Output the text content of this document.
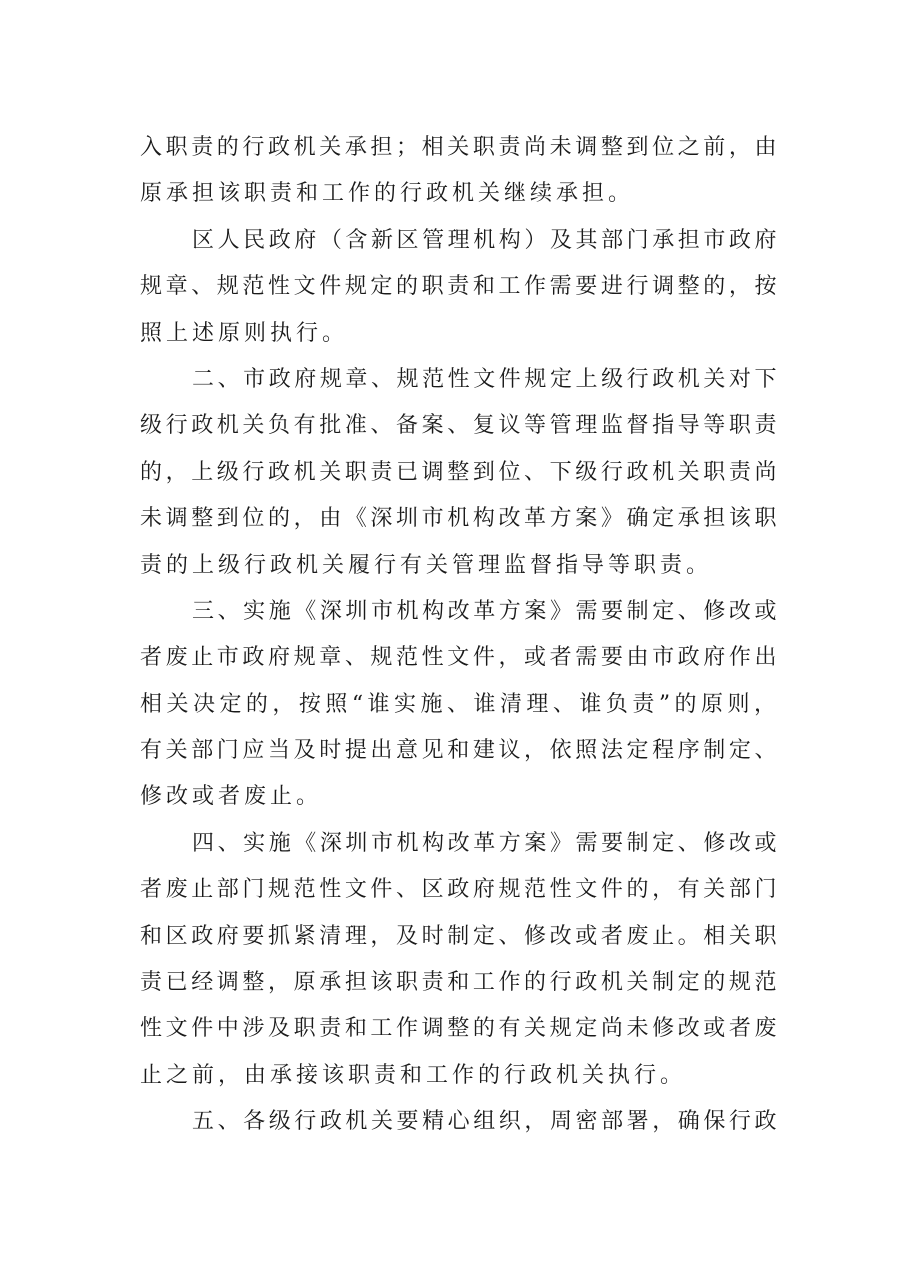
入职责的行政机关承担；相关职责尚未调整到位之前，由
原承担该职责和工作的行政机关继续承担。
区人民政府（含新区管理机构）及其部门承担市政府
规章、规范性文件规定的职责和工作需要进行调整的，按
照上述原则执行。
二、市政府规章、规范性文件规定上级行政机关对下
级行政机关负有批准、备案、复议等管理监督指导等职责
的，上级行政机关职责已调整到位、下级行政机关职责尚
未调整到位的，由《深圳市机构改革方案》确定承担该职
责的上级行政机关履行有关管理监督指导等职责。
三、实施《深圳市机构改革方案》需要制定、修改或
者废止市政府规章、规范性文件，或者需要由市政府作出
相关决定的，按照“谁实施、谁清理、谁负责”的原则，
有关部门应当及时提出意见和建议，依照法定程序制定、
修改或者废止。
四、实施《深圳市机构改革方案》需要制定、修改或
者废止部门规范性文件、区政府规范性文件的，有关部门
和区政府要抓紧清理，及时制定、修改或者废止。相关职
责已经调整，原承担该职责和工作的行政机关制定的规范
性文件中涉及职责和工作调整的有关规定尚未修改或者废
止之前，由承接该职责和工作的行政机关执行。
五、各级行政机关要精心组织，周密部署，确保行政
